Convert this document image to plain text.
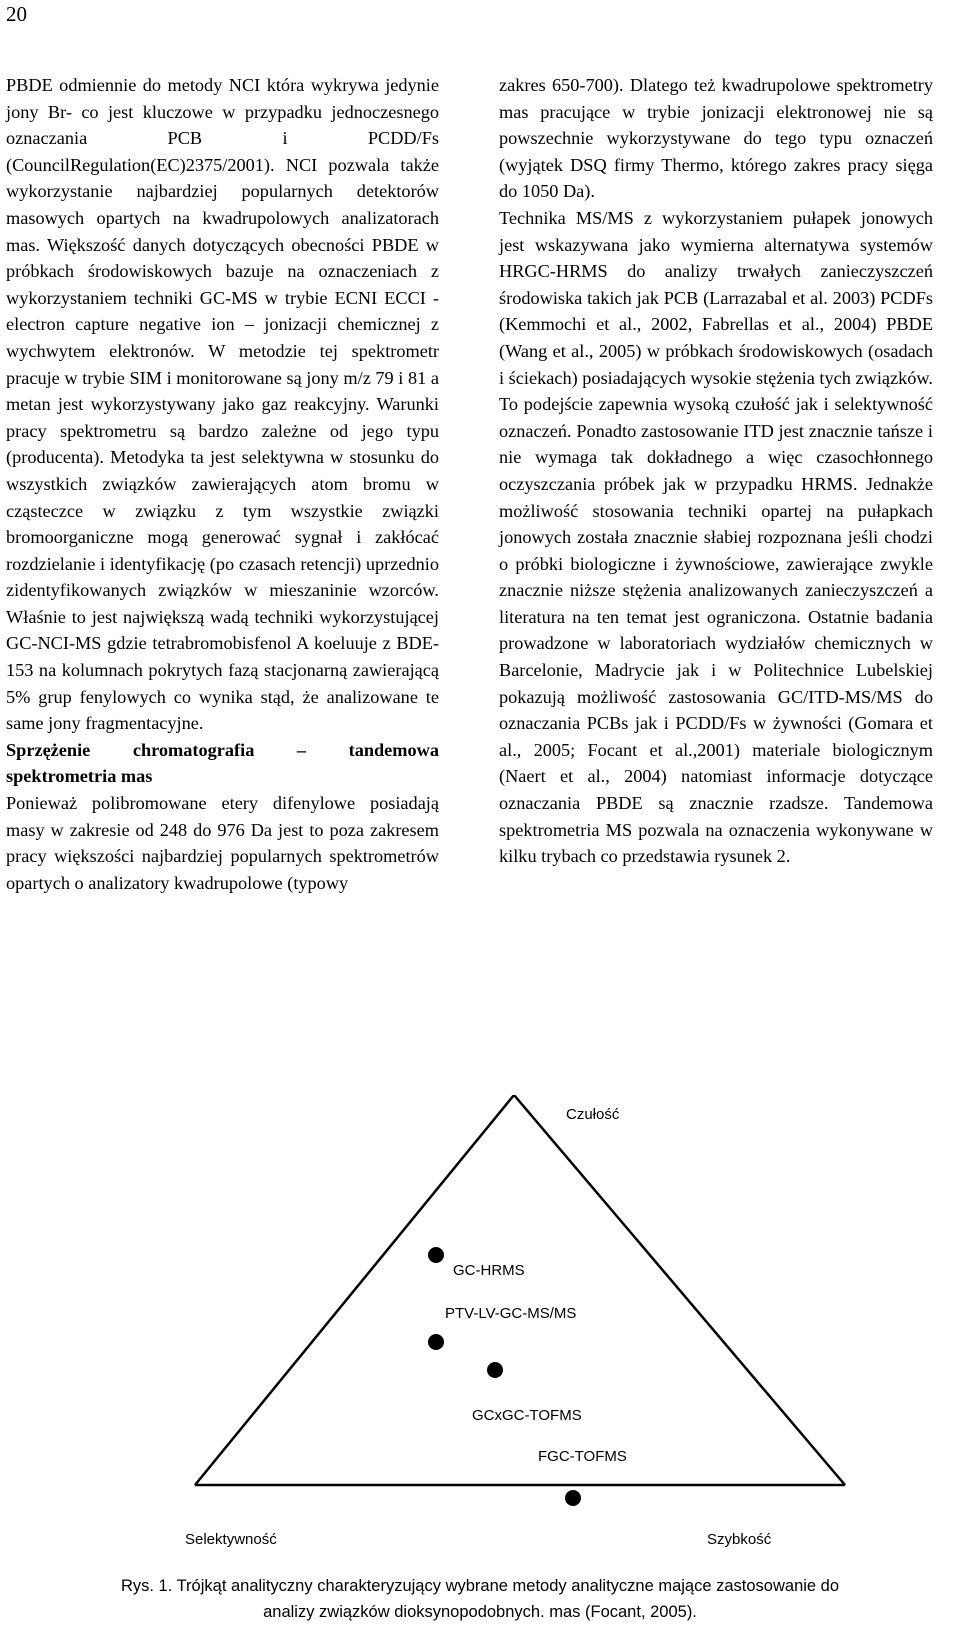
20

PBDE odmiennie do metody NCI która wykrywa jedynie jony Br- co jest kluczowe w przypadku jednoczesnego oznaczania PCB i PCDD/Fs (CouncilRegulation(EC)2375/2001). NCI pozwala także wykorzystanie najbardziej popularnych detektorów masowych opartych na kwadrupolowych analizatorach mas. Większość danych dotyczących obecności PBDE w próbkach środowiskowych bazuje na oznaczeniach z wykorzystaniem techniki GC-MS w trybie ECNI ECCI - electron capture negative ion – jonizacji chemicznej z wychwytem elektronów. W metodzie tej spektrometr pracuje w trybie SIM i monitorowane są jony m/z 79 i 81 a metan jest wykorzystywany jako gaz reakcyjny. Warunki pracy spektrometru są bardzo zależne od jego typu (producenta). Metodyka ta jest selektywna w stosunku do wszystkich związków zawierających atom bromu w cząsteczce w związku z tym wszystkie związki bromoorganiczne mogą generować sygnał i zakłócać rozdzielanie i identyfikację (po czasach retencji) uprzednio zidentyfikowanych związków w mieszaninie wzorców. Właśnie to jest największą wadą techniki wykorzystującej GC-NCI-MS gdzie tetrabromobisfenol A koeluuje z BDE-153 na kolumnach pokrytych fazą stacjonarną zawierającą 5% grup fenylowych co wynika stąd, że analizowane te same jony fragmentacyjne.

Sprzężenie chromatografia – tandemowa spektrometria mas

Ponieważ polibromowane etery difenylowe posiadają masy w zakresie od 248 do 976 Da jest to poza zakresem pracy większości najbardziej popularnych spektrometrów opartych o analizatory kwadrupolowe (typowy

zakres 650-700). Dlatego też kwadrupolowe spektrometry mas pracujące w trybie jonizacji elektronowej nie są powszechnie wykorzystywane do tego typu oznaczeń (wyjątek DSQ firmy Thermo, którego zakres pracy sięga do 1050 Da).

Technika MS/MS z wykorzystaniem pułapek jonowych jest wskazywana jako wymierna alternatywa systemów HRGC-HRMS do analizy trwałych zanieczyszczeń środowiska takich jak PCB (Larrazabal et al. 2003) PCDFs (Kemmochi et al., 2002, Fabrellas et al., 2004) PBDE (Wang et al., 2005) w próbkach środowiskowych (osadach i ściekach) posiadających wysokie stężenia tych związków. To podejście zapewnia wysoką czułość jak i selektywność oznaczeń. Ponadto zastosowanie ITD jest znacznie tańsze i nie wymaga tak dokładnego a więc czasochłonnego oczyszczania próbek jak w przypadku HRMS. Jednakże możliwość stosowania techniki opartej na pułapkach jonowych została znacznie słabiej rozpoznana jeśli chodzi o próbki biologiczne i żywnościowe, zawierające zwykle znacznie niższe stężenia analizowanych zanieczyszczeń a literatura na ten temat jest ograniczona. Ostatnie badania prowadzone w laboratoriach wydziałów chemicznych w Barcelonie, Madrycie jak i w Politechnice Lubelskiej pokazują możliwość zastosowania GC/ITD-MS/MS do oznaczania PCBs jak i PCDD/Fs w żywności (Gomara et al., 2005; Focant et al.,2001) materiale biologicznym (Naert et al., 2004) natomiast informacje dotyczące oznaczania PBDE są znacznie rzadsze. Tandemowa spektrometria MS pozwala na oznaczenia wykonywane w kilku trybach co przedstawia rysunek 2.

Czułość
Selektywność	Szybkość
GC-HRMS
PTV-LV-GC-MS/MS
GCxGC-TOFMS
FGC-TOFMS
Rys. 1. Trójkąt analityczny charakteryzujący wybrane metody analityczne mające zastosowanie do
analizy związków dioksynopodobnych. mas (Focant, 2005).
